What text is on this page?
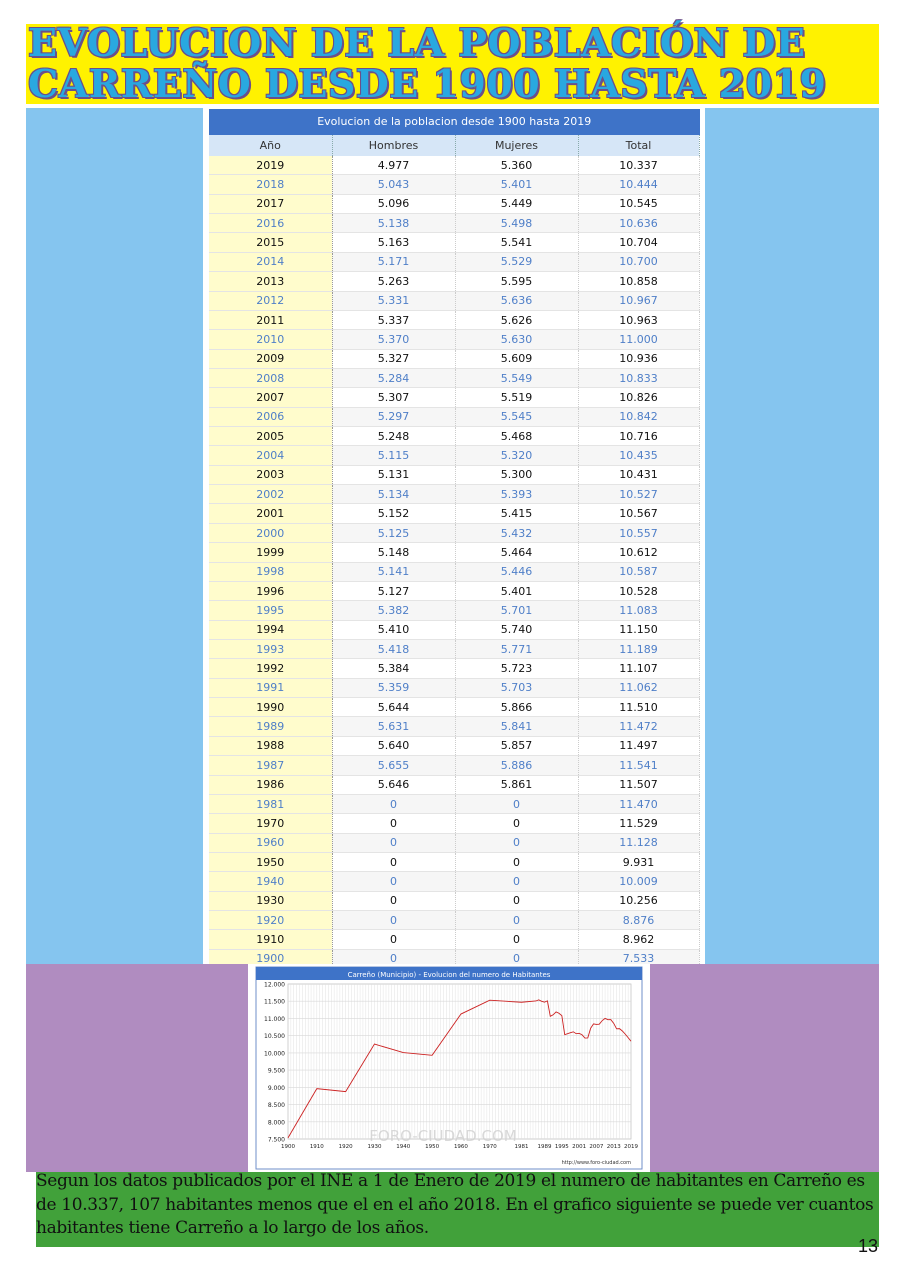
EVOLUCION DE LA POBLACIÓN DE
CARREÑO DESDE 1900 HASTA 2019
Evolucion de la poblacion desde 1900 hasta 2019
Año	Hombres	Mujeres	Total
2019	4.977	5.360	10.337
2018	5.043	5.401	10.444
2017	5.096	5.449	10.545
2016	5.138	5.498	10.636
2015	5.163	5.541	10.704
2014	5.171	5.529	10.700
2013	5.263	5.595	10.858
2012	5.331	5.636	10.967
2011	5.337	5.626	10.963
2010	5.370	5.630	11.000
2009	5.327	5.609	10.936
2008	5.284	5.549	10.833
2007	5.307	5.519	10.826
2006	5.297	5.545	10.842
2005	5.248	5.468	10.716
2004	5.115	5.320	10.435
2003	5.131	5.300	10.431
2002	5.134	5.393	10.527
2001	5.152	5.415	10.567
2000	5.125	5.432	10.557
1999	5.148	5.464	10.612
1998	5.141	5.446	10.587
1996	5.127	5.401	10.528
1995	5.382	5.701	11.083
1994	5.410	5.740	11.150
1993	5.418	5.771	11.189
1992	5.384	5.723	11.107
1991	5.359	5.703	11.062
1990	5.644	5.866	11.510
1989	5.631	5.841	11.472
1988	5.640	5.857	11.497
1987	5.655	5.886	11.541
1986	5.646	5.861	11.507
1981	0	0	11.470
1970	0	0	11.529
1960	0	0	11.128
1950	0	0	9.931
1940	0	0	10.009
1930	0	0	10.256
1920	0	0	8.876
1910	0	0	8.962
1900	0	0	7.533
Carreño (Municipio) - Evolucion del numero de Habitantes
12.000
11.500
11.000
10.500
10.000
9.500
9.000
8.500
8.000
7.500
1900	1910	1920	1930	1940	1950	1960	1970	1981 1989 1995 2001 2007 2013 2019
FORO-CIUDAD.COM
http://www.foro-ciudad.com

Segun los datos publicados por el INE a 1 de Enero de 2019 el numero de habitantes en Carreño es de 10.337, 107 habitantes menos que el en el año 2018. En el grafico siguiente se puede ver cuantos habitantes tiene Carreño a lo largo de los años.

13
